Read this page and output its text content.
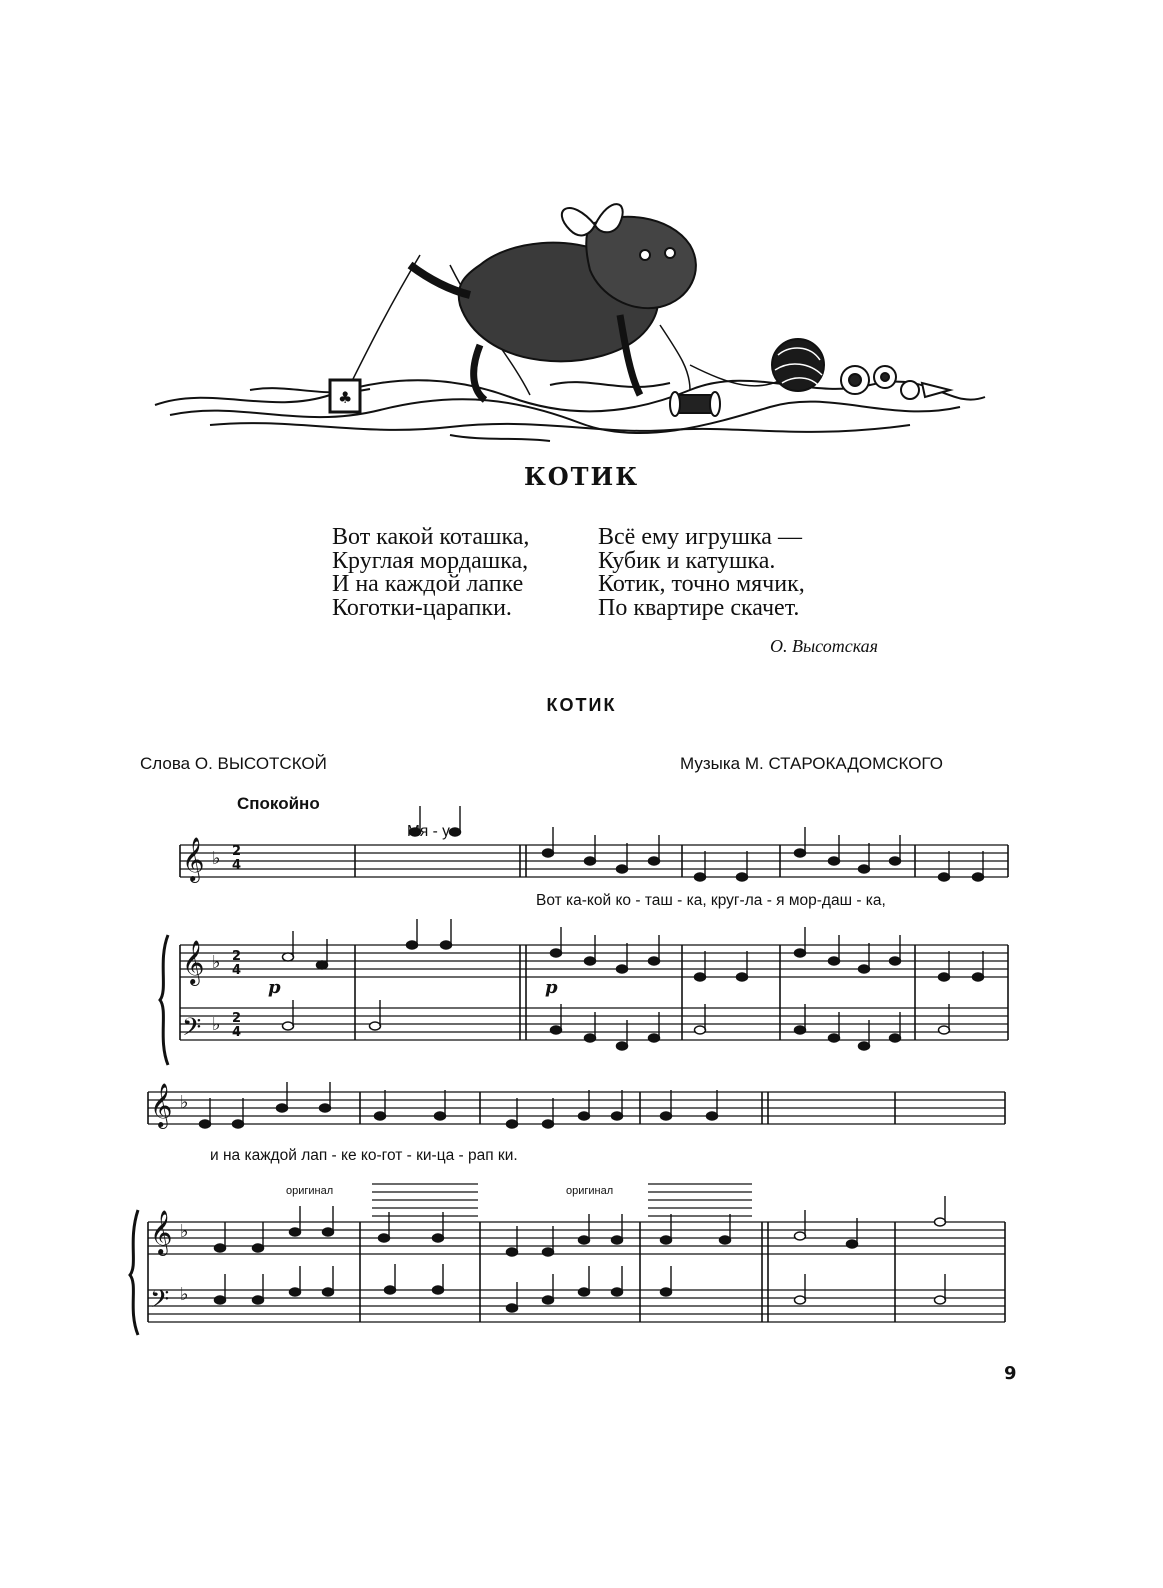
♣
КОТИК
Вот какой коташка,
Круглая мордашка,
И на каждой лапке
Коготки-царапки.
Всё ему игрушка —
Кубик и катушка.
Котик, точно мячик,
По квартире скачет.
О. Высотская
КОТИК
Слова О. ВЫСОТСКОЙ	Музыка М. СТАРОКАДОМСКОГО
Спокойно
𝄞
𝄞
𝄢
𝄞
𝄞
𝄢
♭
♭
♭
♭
♭
♭
2
4
2
4
2
4
Мя - у
Вот ка-кой ко - таш - ка, круг-ла - я мор-даш - ка,
и на каждой лап - ке ко-гот - ки-ца - рап ки.
оригинал	оригинал
p	p
9
